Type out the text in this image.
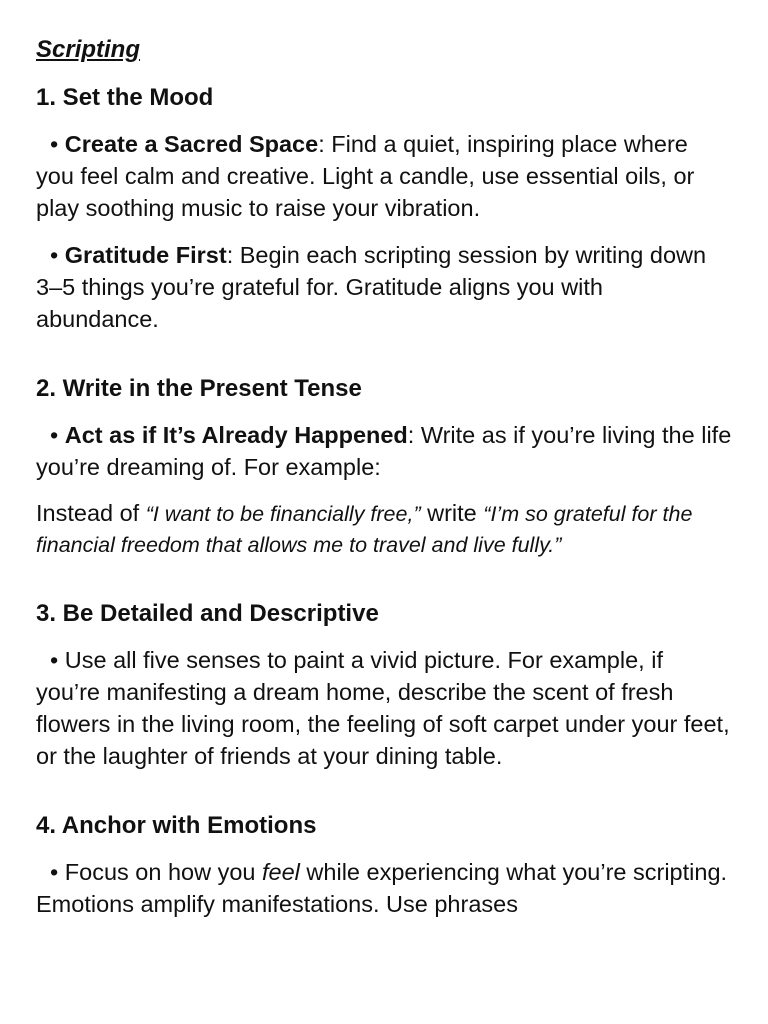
Scripting
1. Set the Mood

• Create a Sacred Space: Find a quiet, inspiring place where you feel calm and creative. Light a candle, use essential oils, or play soothing music to raise your vibration.

• Gratitude First: Begin each scripting session by writing down 3–5 things you’re grateful for. Gratitude aligns you with abundance.

2. Write in the Present Tense

• Act as if It’s Already Happened: Write as if you’re living the life you’re dreaming of. For example:

Instead of “I want to be financially free,” write “I’m so grateful for the financial freedom that allows me to travel and live fully.”

3. Be Detailed and Descriptive

• Use all five senses to paint a vivid picture. For example, if you’re manifesting a dream home, describe the scent of fresh flowers in the living room, the feeling of soft carpet under your feet, or the laughter of friends at your dining table.

4. Anchor with Emotions

• Focus on how you feel while experiencing what you’re scripting. Emotions amplify manifestations. Use phrases
